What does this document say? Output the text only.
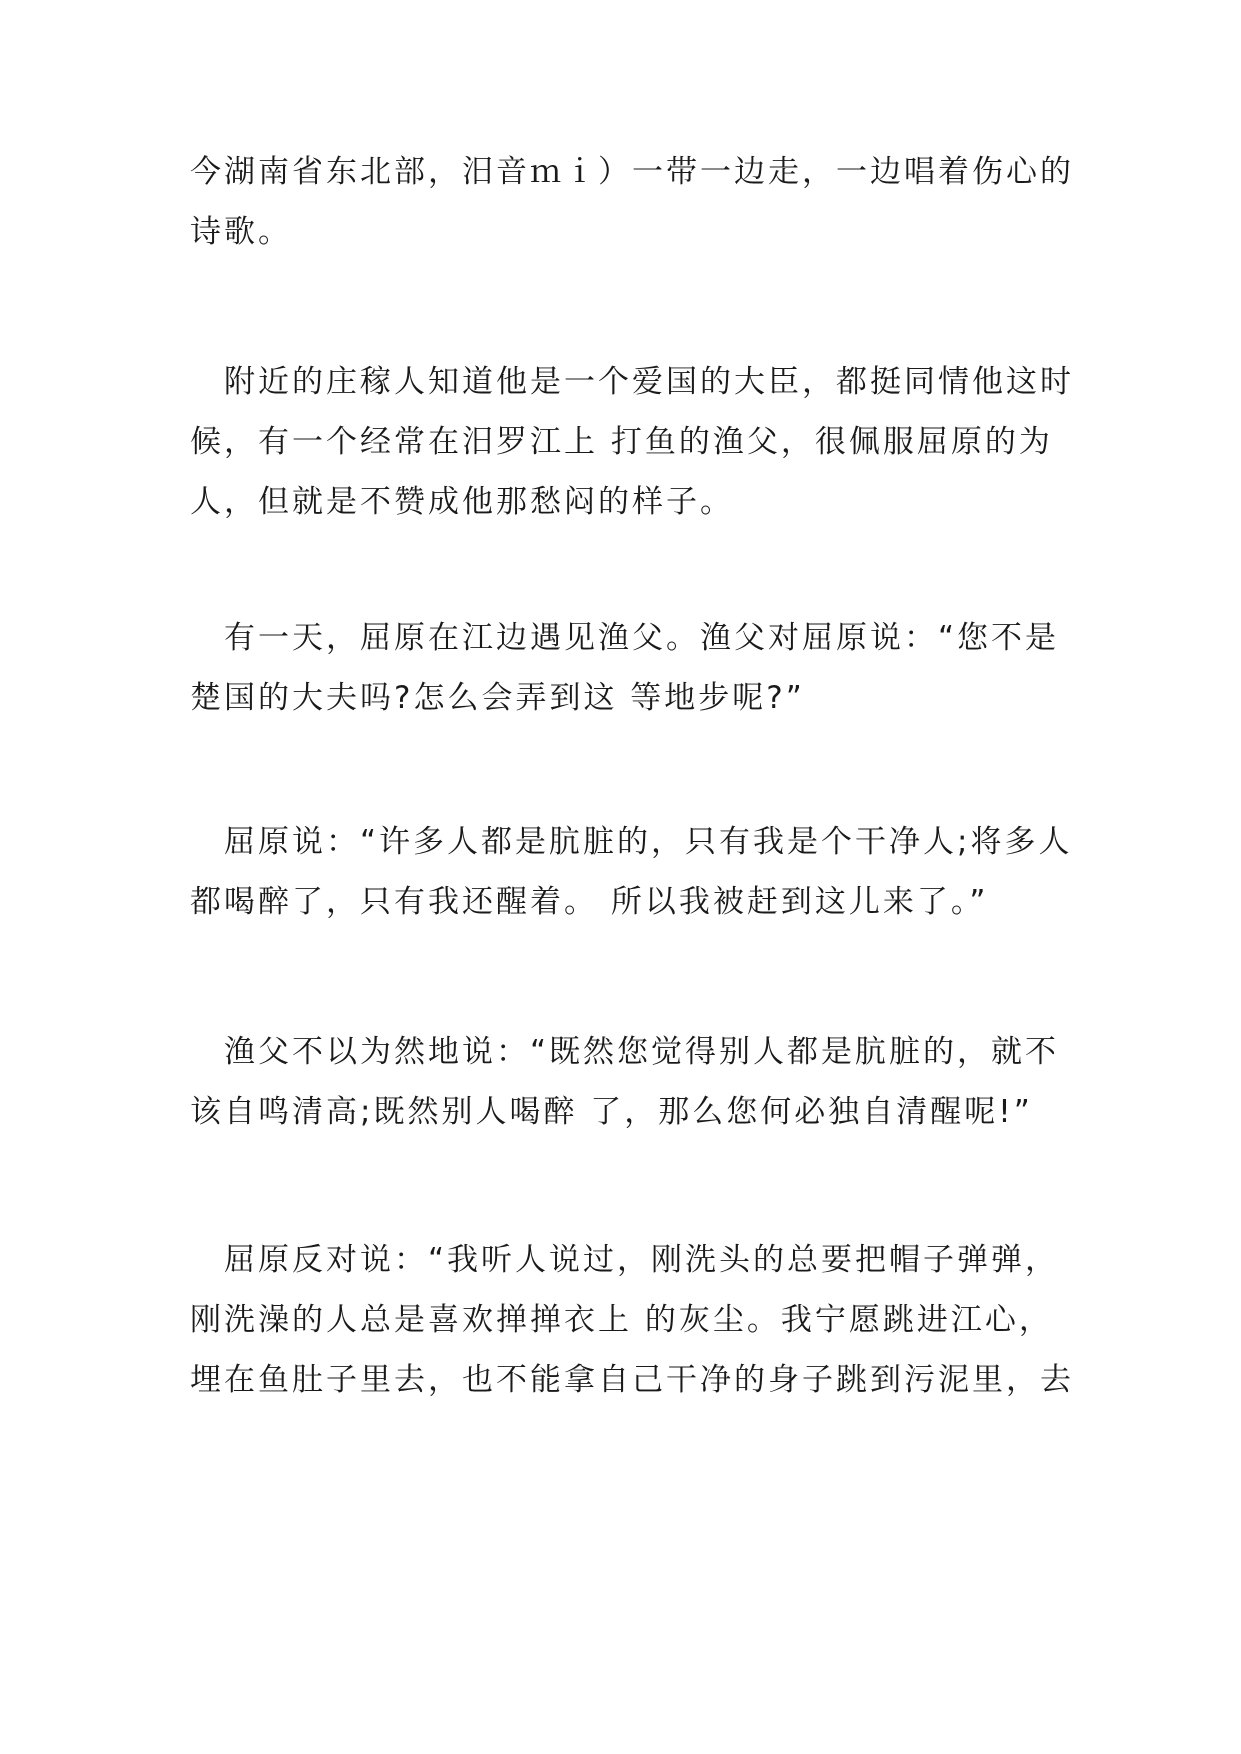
今湖南省东北部，汨音ｍｉ）一带一边走，一边唱着伤心的
诗歌。
　附近的庄稼人知道他是一个爱国的大臣，都挺同情他这时
候，有一个经常在汨罗江上 打鱼的渔父，很佩服屈原的为
人，但就是不赞成他那愁闷的样子。
　有一天，屈原在江边遇见渔父。渔父对屈原说：“您不是
楚国的大夫吗?怎么会弄到这 等地步呢?”
　屈原说：“许多人都是肮脏的，只有我是个干净人;将多人
都喝醉了，只有我还醒着。 所以我被赶到这儿来了。”
　渔父不以为然地说：“既然您觉得别人都是肮脏的，就不
该自鸣清高;既然别人喝醉 了，那么您何必独自清醒呢!”
　屈原反对说：“我听人说过，刚洗头的总要把帽子弹弹，
刚洗澡的人总是喜欢掸掸衣上 的灰尘。我宁愿跳进江心，
埋在鱼肚子里去，也不能拿自己干净的身子跳到污泥里，去
